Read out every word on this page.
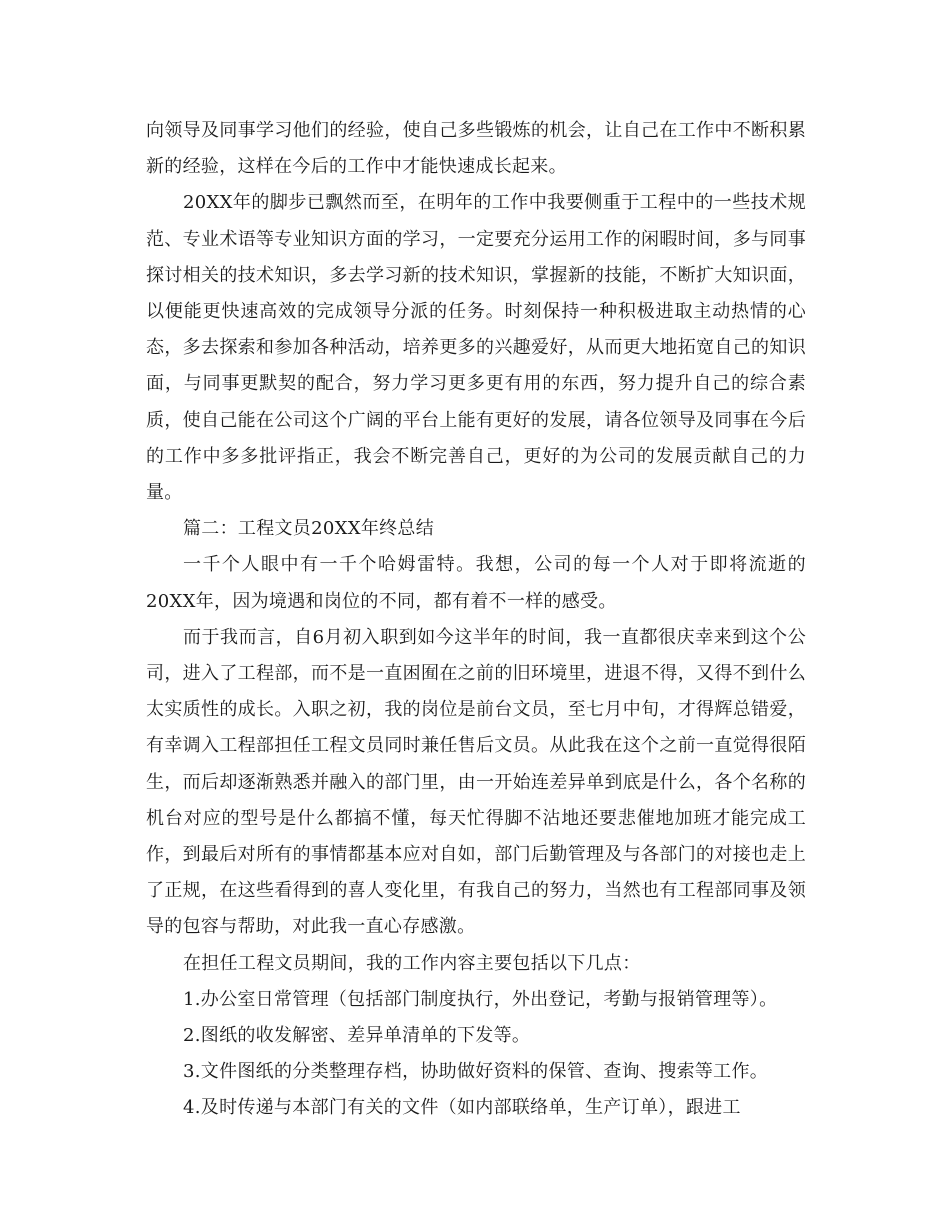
向领导及同事学习他们的经验，使自己多些锻炼的机会，让自己在工作中不断积累新的经验，这样在今后的工作中才能快速成长起来。

20XX年的脚步已飘然而至，在明年的工作中我要侧重于工程中的一些技术规范、专业术语等专业知识方面的学习，一定要充分运用工作的闲暇时间，多与同事探讨相关的技术知识，多去学习新的技术知识，掌握新的技能，不断扩大知识面，以便能更快速高效的完成领导分派的任务。时刻保持一种积极进取主动热情的心态，多去探索和参加各种活动，培养更多的兴趣爱好，从而更大地拓宽自己的知识面，与同事更默契的配合，努力学习更多更有用的东西，努力提升自己的综合素质，使自己能在公司这个广阔的平台上能有更好的发展，请各位领导及同事在今后的工作中多多批评指正，我会不断完善自己，更好的为公司的发展贡献自己的力量。

篇二：工程文员20XX年终总结

一千个人眼中有一千个哈姆雷特。我想，公司的每一个人对于即将流逝的20XX年，因为境遇和岗位的不同，都有着不一样的感受。

而于我而言，自6月初入职到如今这半年的时间，我一直都很庆幸来到这个公司，进入了工程部，而不是一直困囿在之前的旧环境里，进退不得，又得不到什么太实质性的成长。入职之初，我的岗位是前台文员，至七月中旬，才得辉总错爱，有幸调入工程部担任工程文员同时兼任售后文员。从此我在这个之前一直觉得很陌生，而后却逐渐熟悉并融入的部门里，由一开始连差异单到底是什么，各个名称的机台对应的型号是什么都搞不懂，每天忙得脚不沾地还要悲催地加班才能完成工作，到最后对所有的事情都基本应对自如，部门后勤管理及与各部门的对接也走上了正规，在这些看得到的喜人变化里，有我自己的努力，当然也有工程部同事及领导的包容与帮助，对此我一直心存感激。

在担任工程文员期间，我的工作内容主要包括以下几点：

1.办公室日常管理（包括部门制度执行，外出登记，考勤与报销管理等）。

2.图纸的收发解密、差异单清单的下发等。

3.文件图纸的分类整理存档，协助做好资料的保管、查询、搜索等工作。

4.及时传递与本部门有关的文件（如内部联络单，生产订单），跟进工
